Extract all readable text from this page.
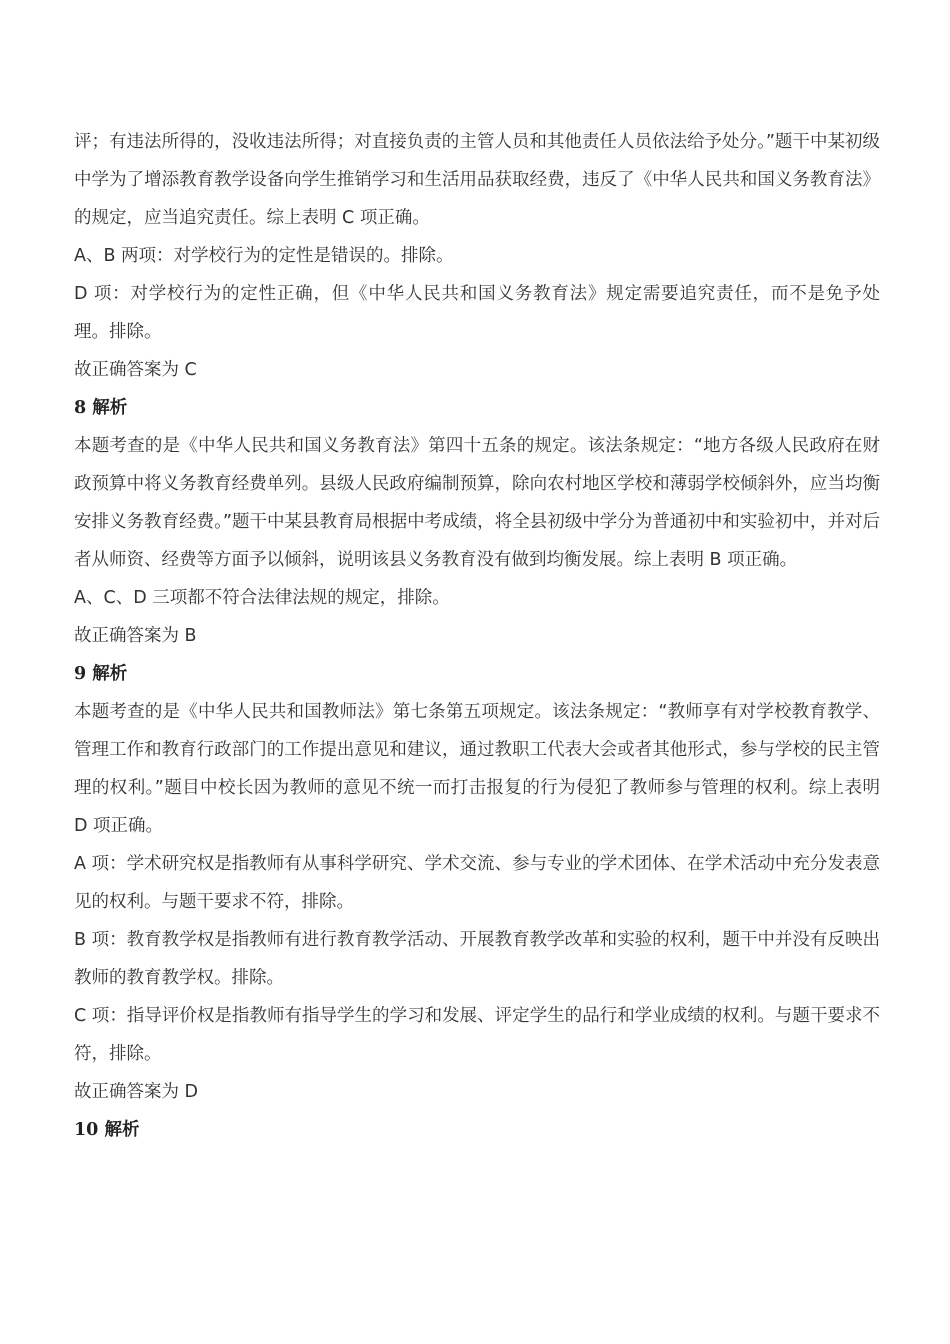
评；有违法所得的，没收违法所得；对直接负责的主管人员和其他责任人员依法给予处分。”题干中某初级中学为了增添教育教学设备向学生推销学习和生活用品获取经费，违反了《中华人民共和国义务教育法》的规定，应当追究责任。综上表明 C 项正确。

A、B 两项：对学校行为的定性是错误的。排除。

D 项：对学校行为的定性正确，但《中华人民共和国义务教育法》规定需要追究责任，而不是免予处理。排除。

故正确答案为 C

8 解析

本题考查的是《中华人民共和国义务教育法》第四十五条的规定。该法条规定：“地方各级人民政府在财政预算中将义务教育经费单列。县级人民政府编制预算，除向农村地区学校和薄弱学校倾斜外，应当均衡安排义务教育经费。”题干中某县教育局根据中考成绩，将全县初级中学分为普通初中和实验初中，并对后者从师资、经费等方面予以倾斜，说明该县义务教育没有做到均衡发展。综上表明 B 项正确。

A、C、D 三项都不符合法律法规的规定，排除。

故正确答案为 B

9 解析

本题考查的是《中华人民共和国教师法》第七条第五项规定。该法条规定：“教师享有对学校教育教学、管理工作和教育行政部门的工作提出意见和建议，通过教职工代表大会或者其他形式，参与学校的民主管理的权利。”题目中校长因为教师的意见不统一而打击报复的行为侵犯了教师参与管理的权利。综上表明 D 项正确。

A 项：学术研究权是指教师有从事科学研究、学术交流、参与专业的学术团体、在学术活动中充分发表意见的权利。与题干要求不符，排除。

B 项：教育教学权是指教师有进行教育教学活动、开展教育教学改革和实验的权利，题干中并没有反映出教师的教育教学权。排除。

C 项：指导评价权是指教师有指导学生的学习和发展、评定学生的品行和学业成绩的权利。与题干要求不符，排除。

故正确答案为 D

10 解析
